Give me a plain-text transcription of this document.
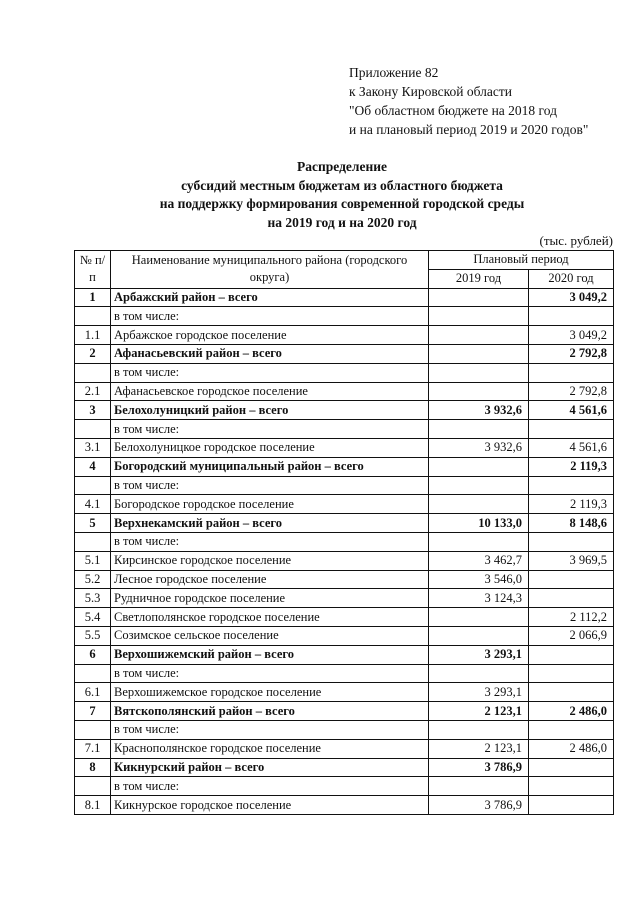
Приложение 82
к Закону Кировской области
"Об областном бюджете на 2018 год
и на плановый период 2019 и 2020 годов"
Распределение
субсидий местным бюджетам из областного бюджета
на поддержку формирования современной городской среды
на 2019 год и на 2020 год
(тыс. рублей)
№ п/п	Наименование муниципального района (городского округа)	Плановый период	
		2019 год	2020 год
1	Арбажский район – всего		3 049,2
	в том числе:		
1.1	Арбажское городское поселение		3 049,2
2	Афанасьевский район – всего		2 792,8
	в том числе:		
2.1	Афанасьевское городское поселение		2 792,8
3	Белохолуницкий район – всего	3 932,6	4 561,6
	в том числе:		
3.1	Белохолуницкое городское поселение	3 932,6	4 561,6
4	Богородский муниципальный район – всего		2 119,3
	в том числе:		
4.1	Богородское городское поселение		2 119,3
5	Верхнекамский район – всего	10 133,0	8 148,6
	в том числе:		
5.1	Кирсинское городское поселение	3 462,7	3 969,5
5.2	Лесное городское поселение	3 546,0	
5.3	Рудничное городское поселение	3 124,3	
5.4	Светлополянское городское поселение		2 112,2
5.5	Созимское сельское поселение		2 066,9
6	Верхошижемский район – всего	3 293,1	
	в том числе:		
6.1	Верхошижемское городское поселение	3 293,1	
7	Вятскополянский район – всего	2 123,1	2 486,0
	в том числе:		
7.1	Краснополянское городское поселение	2 123,1	2 486,0
8	Кикнурский район – всего	3 786,9	
	в том числе:		
8.1	Кикнурское городское поселение	3 786,9	
